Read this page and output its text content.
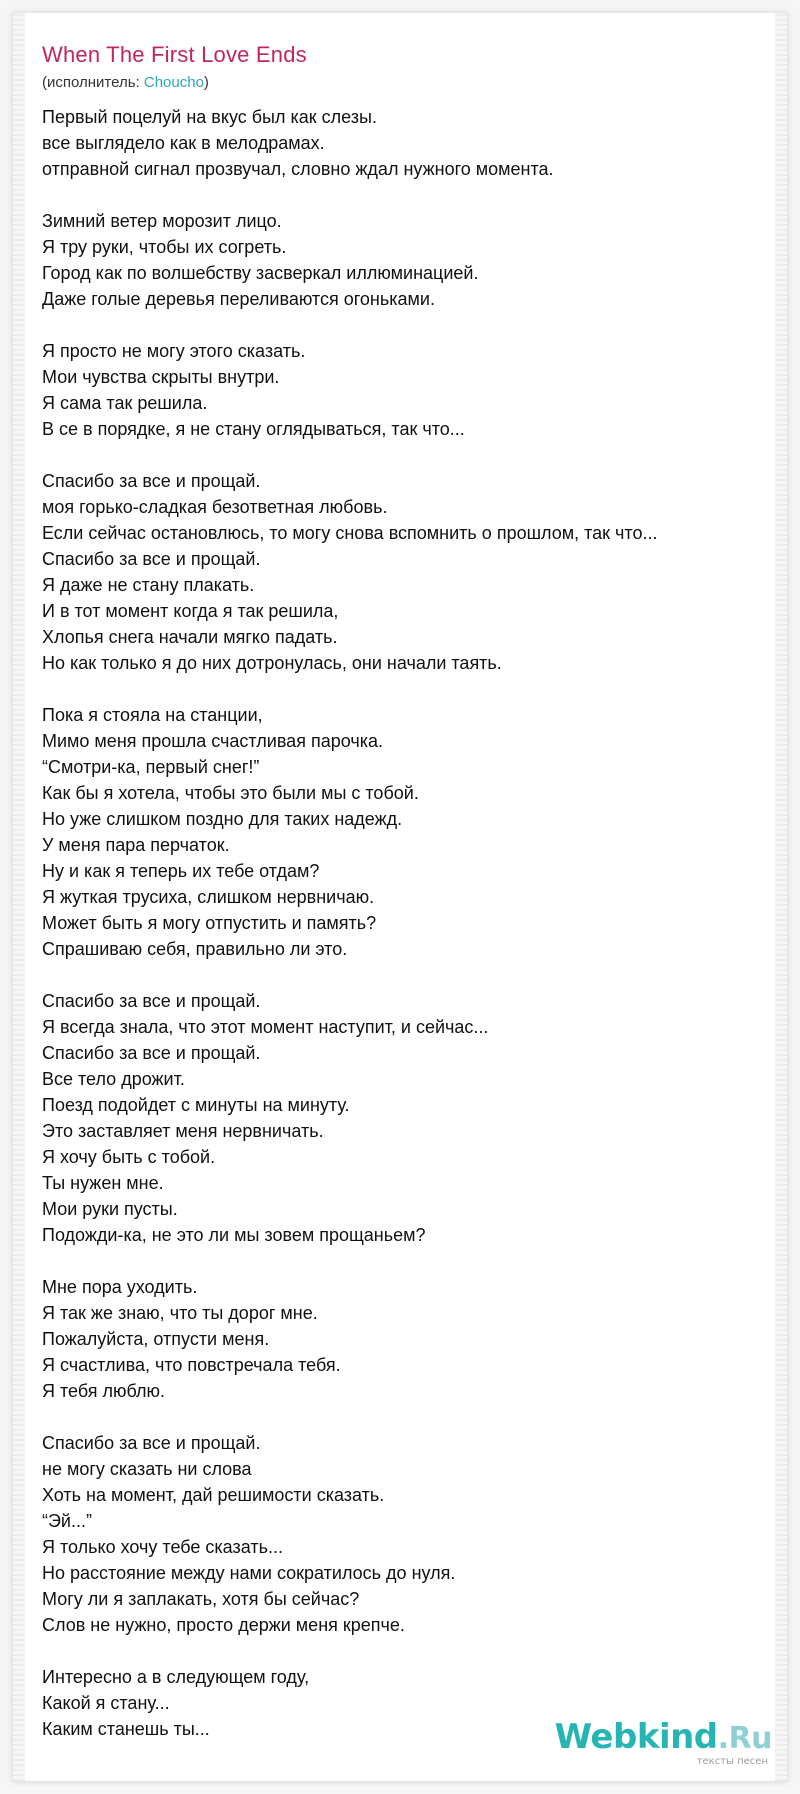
When The First Love Ends
(исполнитель: Choucho)
Первый поцелуй на вкус был как слезы.
все выглядело как в мелодрамах.
отправной сигнал прозвучал, словно ждал нужного момента.
Зимний ветер морозит лицо.
Я тру руки, чтобы их согреть.
Город как по волшебству засверкал иллюминацией.
Даже голые деревья переливаются огоньками.
Я просто не могу этого сказать.
Мои чувства скрыты внутри.
Я сама так решила.
В се в порядке, я не стану оглядываться, так что...
Спасибо за все и прощай.
моя горько-сладкая безответная любовь.
Если сейчас остановлюсь, то могу снова вспомнить о прошлом, так что...
Спасибо за все и прощай.
Я даже не стану плакать.
И в тот момент когда я так решила,
Хлопья снега начали мягко падать.
Но как только я до них дотронулась, они начали таять.
Пока я стояла на станции,
Мимо меня прошла счастливая парочка.
“Смотри-ка, первый снег!”
Как бы я хотела, чтобы это были мы с тобой.
Но уже слишком поздно для таких надежд.
У меня пара перчаток.
Ну и как я теперь их тебе отдам?
Я жуткая трусиха, слишком нервничаю.
Может быть я могу отпустить и память?
Спрашиваю себя, правильно ли это.
Спасибо за все и прощай.
Я всегда знала, что этот момент наступит, и сейчас...
Спасибо за все и прощай.
Все тело дрожит.
Поезд подойдет с минуты на минуту.
Это заставляет меня нервничать.
Я хочу быть с тобой.
Ты нужен мне.
Мои руки пусты.
Подожди-ка, не это ли мы зовем прощаньем?
Мне пора уходить.
Я так же знаю, что ты дорог мне.
Пожалуйста, отпусти меня.
Я счастлива, что повстречала тебя.
Я тебя люблю.
Спасибо за все и прощай.
не могу сказать ни слова
Хоть на момент, дай решимости сказать.
“Эй...”
Я только хочу тебе сказать...
Но расстояние между нами сократилось до нуля.
Могу ли я заплакать, хотя бы сейчас?
Слов не нужно, просто держи меня крепче.
Интересно а в следующем году,
Какой я стану...
Каким станешь ты...	Webkind.Ru
тексты песен
